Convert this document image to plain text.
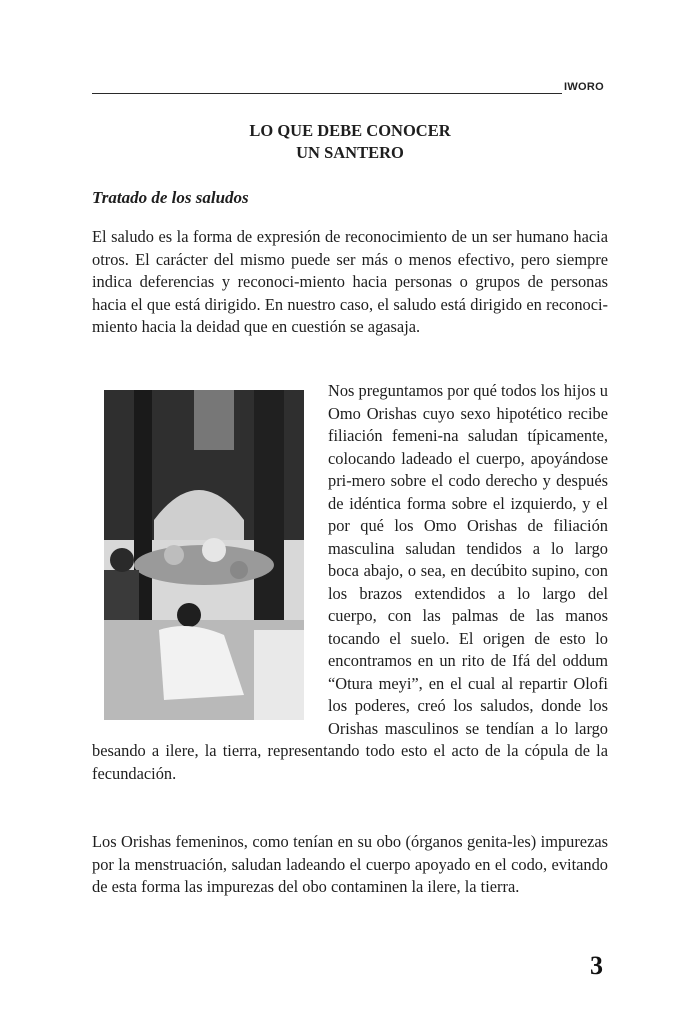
IWORO
LO QUE DEBE CONOCER
UN SANTERO
Tratado de los saludos

El saludo es la forma de expresión de reconocimiento de un ser humano hacia otros. El carácter del mismo puede ser más o menos efectivo, pero siempre indica deferencias y reconoci-miento hacia personas o grupos de personas hacia el que está dirigido. En nuestro caso, el saludo está dirigido en reconoci-miento hacia la deidad que en cuestión se agasaja.

Nos preguntamos por qué todos los hijos u Omo Orishas cuyo sexo hipotético recibe filiación femeni-na saludan típicamente, colocando ladeado el cuerpo, apoyándose pri-mero sobre el codo derecho y después de idéntica forma sobre el izquierdo, y el por qué los Omo Orishas de filiación masculina saludan tendidos a lo largo boca abajo, o sea, en decúbito supino, con los brazos extendidos a lo largo del cuerpo, con las palmas de las manos tocando el suelo. El origen de esto lo encontramos en un rito de Ifá del oddum “Otura meyi”, en el cual al repartir Olofi los poderes, creó los saludos, donde los Orishas masculinos se tendían a lo largo besando a ilere, la tierra, representando todo esto el acto de la cópula de la fecundación.

Los Orishas femeninos, como tenían en su obo (órganos genita-les) impurezas por la menstruación, saludan ladeando el cuerpo apoyado en el codo, evitando de esta forma las impurezas del obo contaminen la ilere, la tierra.

3
